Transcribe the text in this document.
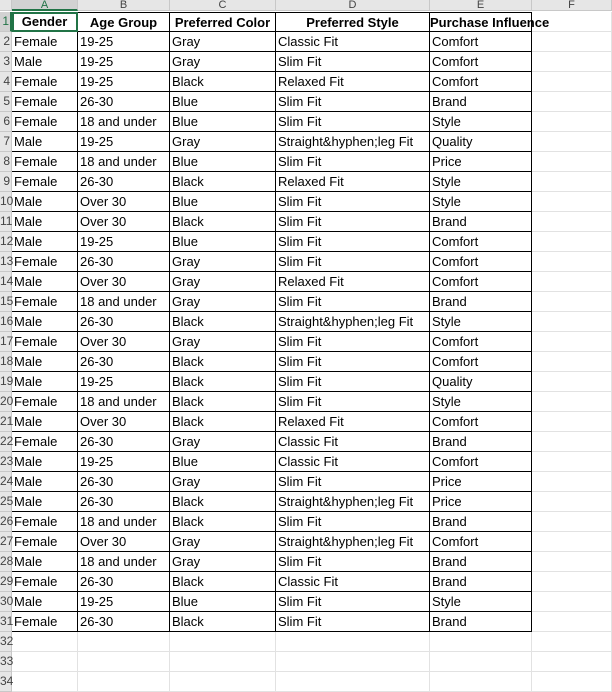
A	B	C	D	E	F
1
2
3
4
5
6
7
8
9
10
11
12
13
14
15
16
17
18
19
20
21
22
23
24
25
26
27
28
29
30
31
32
33
34
Gender	Age Group	Preferred Color	Preferred Style	Purchase Influence
Female	19-25	Gray	Classic Fit	Comfort
Male	19-25	Gray	Slim Fit	Comfort
Female	19-25	Black	Relaxed Fit	Comfort
Female	26-30	Blue	Slim Fit	Brand
Female	18 and under	Blue	Slim Fit	Style
Male	19-25	Gray	Straight&hyphen;leg Fit	Quality
Female	18 and under	Blue	Slim Fit	Price
Female	26-30	Black	Relaxed Fit	Style
Male	Over 30	Blue	Slim Fit	Style
Male	Over 30	Black	Slim Fit	Brand
Male	19-25	Blue	Slim Fit	Comfort
Female	26-30	Gray	Slim Fit	Comfort
Male	Over 30	Gray	Relaxed Fit	Comfort
Female	18 and under	Gray	Slim Fit	Brand
Male	26-30	Black	Straight&hyphen;leg Fit	Style
Female	Over 30	Gray	Slim Fit	Comfort
Male	26-30	Black	Slim Fit	Comfort
Male	19-25	Black	Slim Fit	Quality
Female	18 and under	Black	Slim Fit	Style
Male	Over 30	Black	Relaxed Fit	Comfort
Female	26-30	Gray	Classic Fit	Brand
Male	19-25	Blue	Classic Fit	Comfort
Male	26-30	Gray	Slim Fit	Price
Male	26-30	Black	Straight&hyphen;leg Fit	Price
Female	18 and under	Black	Slim Fit	Brand
Female	Over 30	Gray	Straight&hyphen;leg Fit	Comfort
Male	18 and under	Gray	Slim Fit	Brand
Female	26-30	Black	Classic Fit	Brand
Male	19-25	Blue	Slim Fit	Style
Female	26-30	Black	Slim Fit	Brand
